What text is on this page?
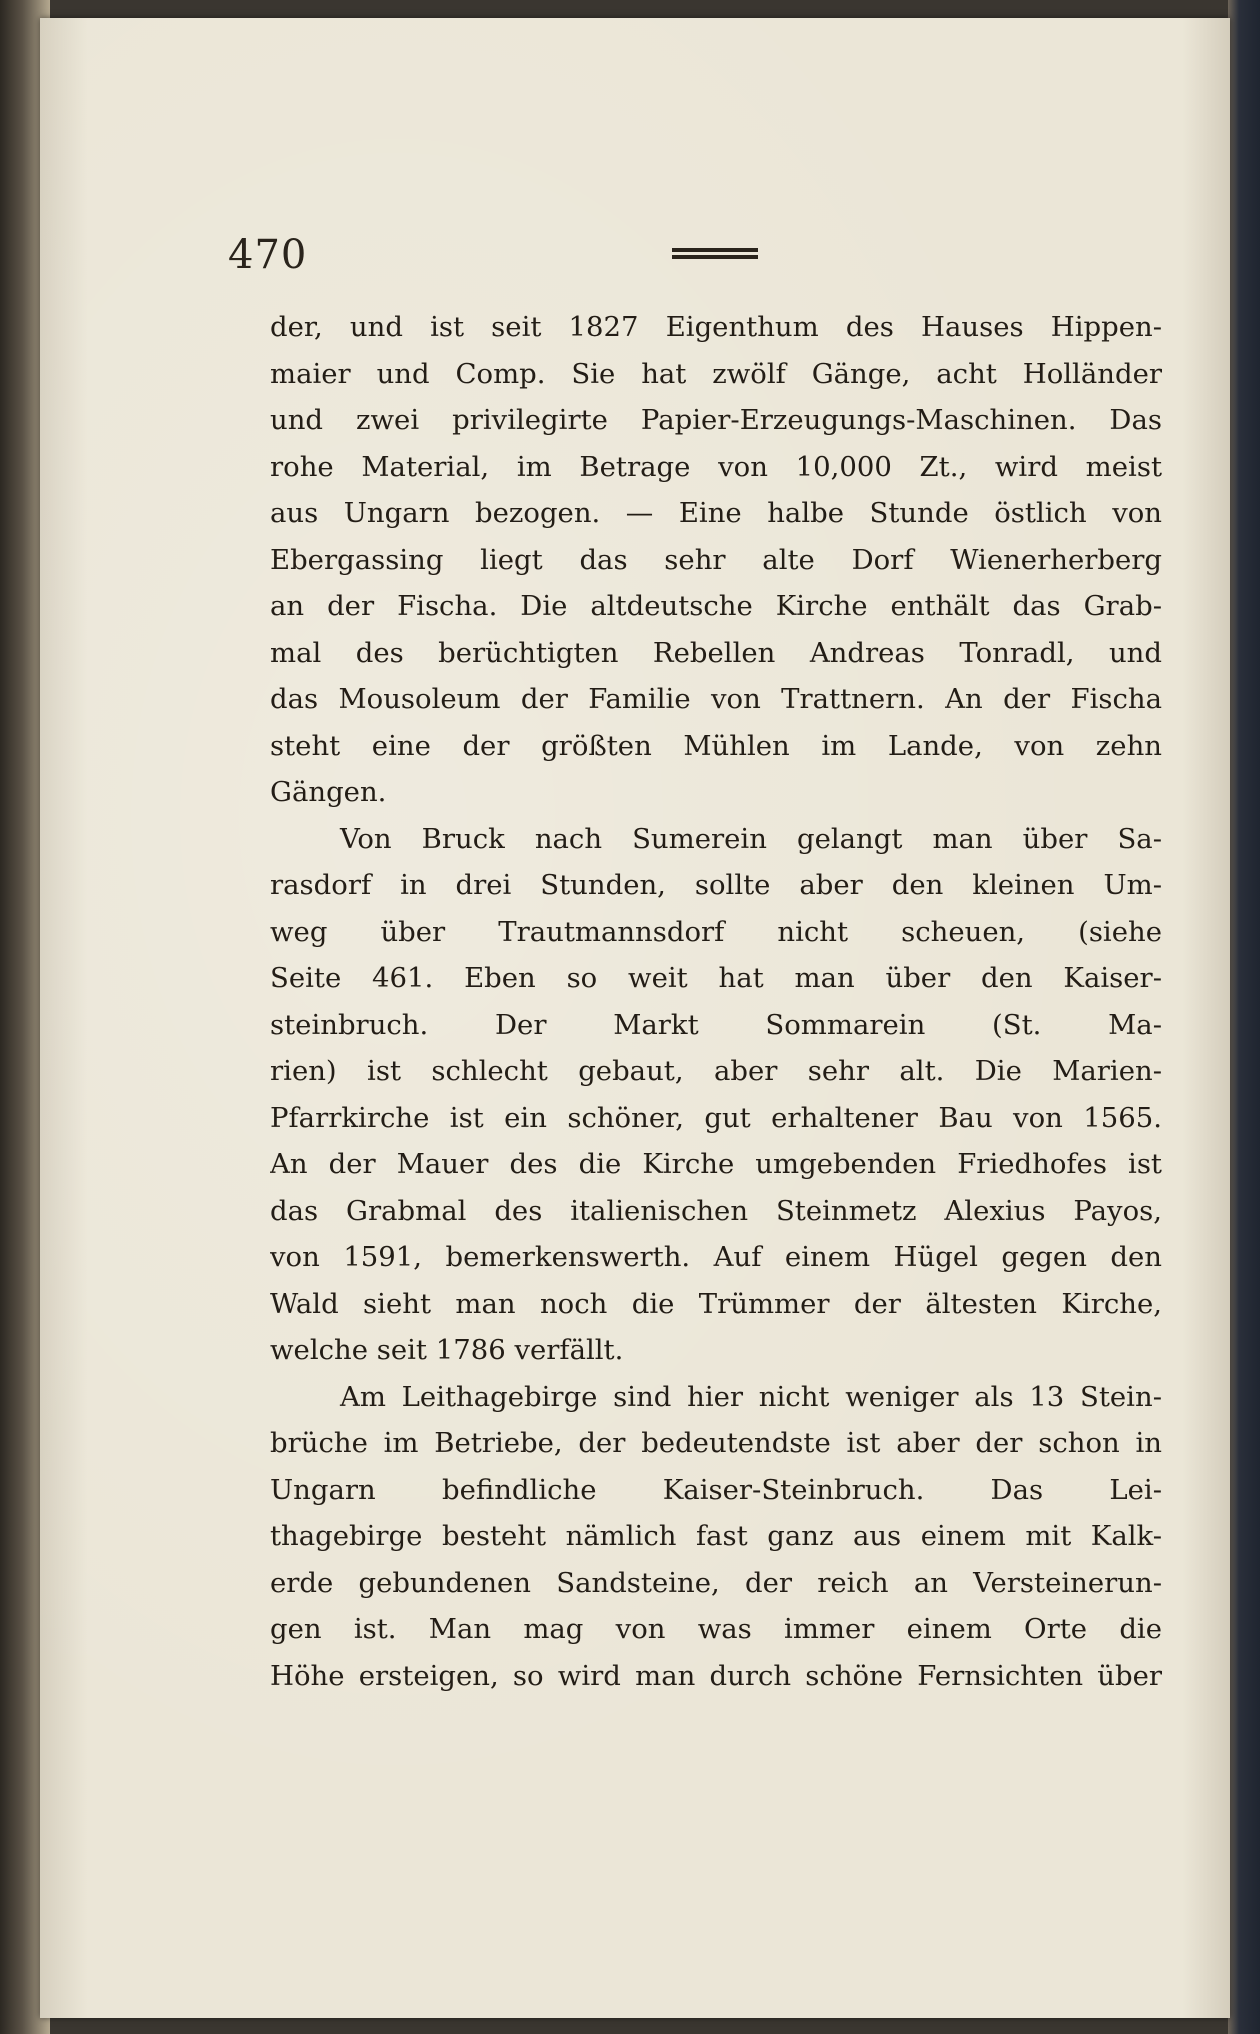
470
der, und ist seit 1827 Eigenthum des Hauses Hippen-
maier und Comp. Sie hat zwölf Gänge, acht Holländer
und zwei privilegirte Papier-Erzeugungs-Maschinen. Das
rohe Material, im Betrage von 10,000 Zt., wird meist
aus Ungarn bezogen. — Eine halbe Stunde östlich von
Ebergassing liegt das sehr alte Dorf Wienerherberg
an der Fischa. Die altdeutsche Kirche enthält das Grab-
mal des berüchtigten Rebellen Andreas Tonradl, und
das Mousoleum der Familie von Trattnern. An der Fischa
steht eine der größten Mühlen im Lande, von zehn
Gängen.
Von Bruck nach Sumerein gelangt man über Sa-
rasdorf in drei Stunden, sollte aber den kleinen Um-
weg über Trautmannsdorf nicht scheuen, (siehe
Seite 461. Eben so weit hat man über den Kaiser-
steinbruch. Der Markt Sommarein (St. Ma-
rien) ist schlecht gebaut, aber sehr alt. Die Marien-
Pfarrkirche ist ein schöner, gut erhaltener Bau von 1565.
An der Mauer des die Kirche umgebenden Friedhofes ist
das Grabmal des italienischen Steinmetz Alexius Payos,
von 1591, bemerkenswerth. Auf einem Hügel gegen den
Wald sieht man noch die Trümmer der ältesten Kirche,
welche seit 1786 verfällt.
Am Leithagebirge sind hier nicht weniger als 13 Stein-
brüche im Betriebe, der bedeutendste ist aber der schon in
Ungarn befindliche Kaiser-Steinbruch. Das Lei-
thagebirge besteht nämlich fast ganz aus einem mit Kalk-
erde gebundenen Sandsteine, der reich an Versteinerun-
gen ist. Man mag von was immer einem Orte die
Höhe ersteigen, so wird man durch schöne Fernsichten über
